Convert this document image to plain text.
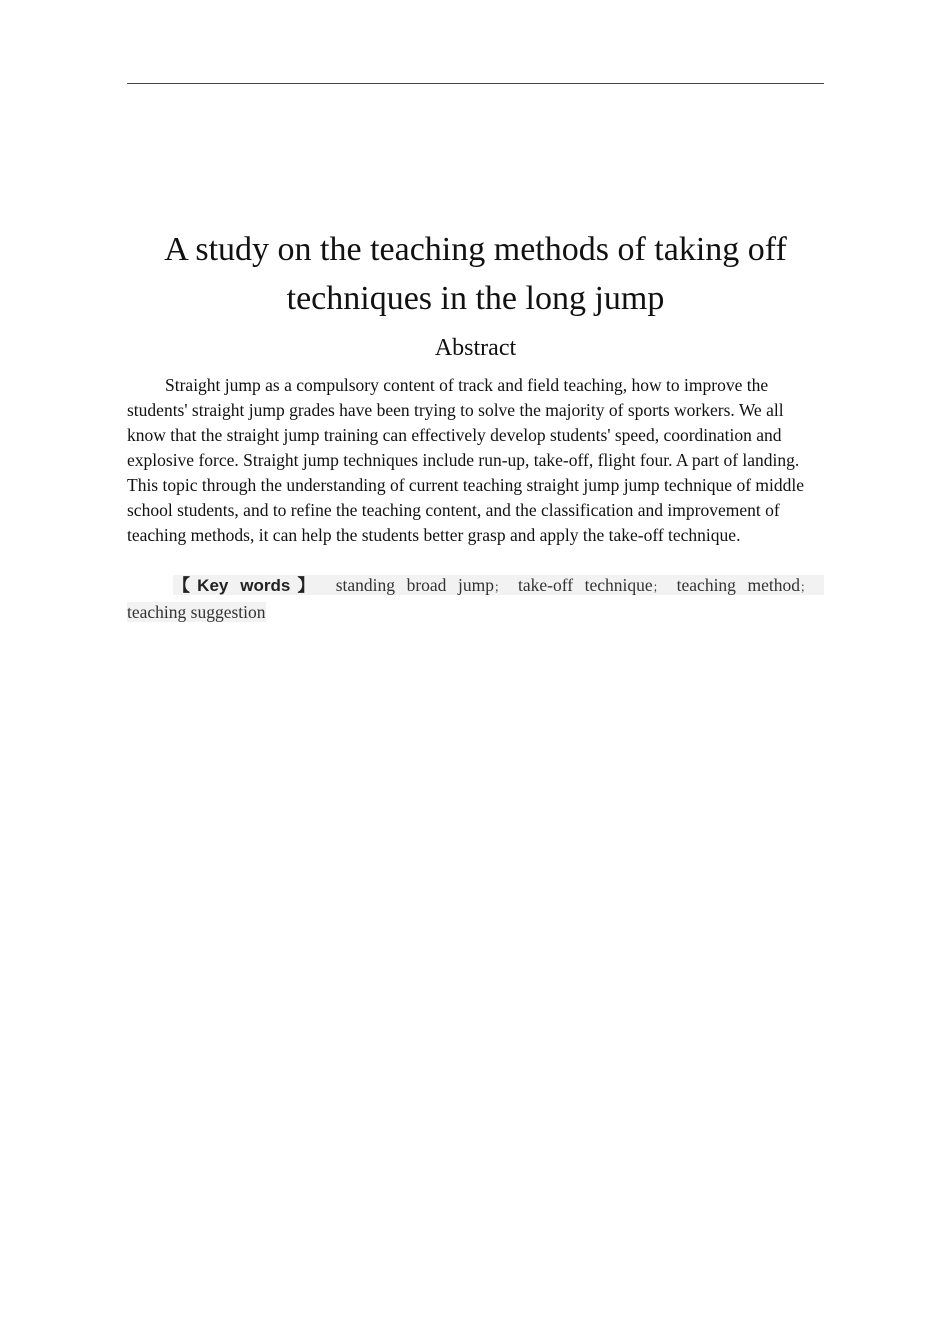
A study on the teaching methods of taking off techniques in the long jump
Abstract

Straight jump as a compulsory content of track and field teaching, how to improve the students' straight jump grades have been trying to solve the majority of sports workers. We all know that the straight jump training can effectively develop students' speed, coordination and explosive force. Straight jump techniques include run-up, take-off, flight four. A part of landing. This topic through the understanding of current teaching straight jump jump technique of middle school students, and to refine the teaching content, and the classification and improvement of teaching methods, it can help the students better grasp and apply the take-off technique.

【Key words】 standing broad jump； take-off technique； teaching method；teaching suggestion
